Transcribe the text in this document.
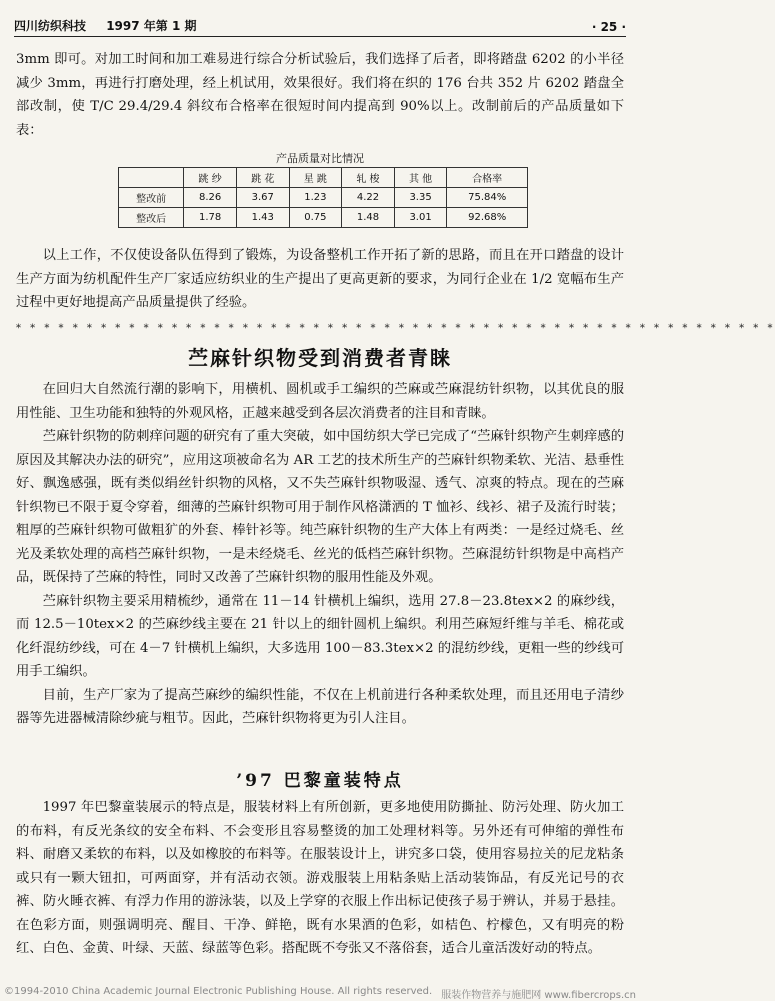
四川纺织科技 1997 年第 1 期	· 25 ·

3mm 即可。对加工时间和加工难易进行综合分析试验后，我们选择了后者，即将踏盘 6202 的小半径减少 3mm，再进行打磨处理，经上机试用，效果很好。我们将在织的 176 台共 352 片 6202 踏盘全部改制，使 T/C 29.4/29.4 斜纹布合格率在很短时间内提高到 90%以上。改制前后的产品质量如下表：

产品质量对比情况
	跳 纱	跳 花	星 跳	轧 梭	其 他	合格率
整改前	8.26	3.67	1.23	4.22	3.35	75.84%
整改后	1.78	1.43	0.75	1.48	3.01	92.68%

以上工作，不仅使设备队伍得到了锻炼，为设备整机工作开拓了新的思路，而且在开口踏盘的设计生产方面为纺机配件生产厂家适应纺织业的生产提出了更高更新的要求，为同行企业在 1/2 宽幅布生产过程中更好地提高产品质量提供了经验。

* * * * * * * * * * * * * * * * * * * * * * * * * * * * * * * * * * * * * * * * * * * * * * * * * * * * * *
苎麻针织物受到消费者青睐

在回归大自然流行潮的影响下，用横机、圆机或手工编织的苎麻或苎麻混纺针织物，以其优良的服用性能、卫生功能和独特的外观风格，正越来越受到各层次消费者的注目和青睐。

苎麻针织物的防刺痒问题的研究有了重大突破，如中国纺织大学已完成了“苎麻针织物产生刺痒感的原因及其解决办法的研究”，应用这项被命名为 AR 工艺的技术所生产的苎麻针织物柔软、光洁、悬垂性好、飘逸感强，既有类似绢丝针织物的风格，又不失苎麻针织物吸湿、透气、凉爽的特点。现在的苎麻针织物已不限于夏令穿着，细薄的苎麻针织物可用于制作风格潇洒的 T 恤衫、线衫、裙子及流行时装；粗厚的苎麻针织物可做粗犷的外套、棒针衫等。纯苎麻针织物的生产大体上有两类：一是经过烧毛、丝光及柔软处理的高档苎麻针织物，一是未经烧毛、丝光的低档苎麻针织物。苎麻混纺针织物是中高档产品，既保持了苎麻的特性，同时又改善了苎麻针织物的服用性能及外观。

苎麻针织物主要采用精梳纱，通常在 11－14 针横机上编织，选用 27.8－23.8tex×2 的麻纱线，而 12.5－10tex×2 的苎麻纱线主要在 21 针以上的细针圆机上编织。利用苎麻短纤维与羊毛、棉花或化纤混纺纱线，可在 4－7 针横机上编织，大多选用 100－83.3tex×2 的混纺纱线，更粗一些的纱线可用手工编织。

目前，生产厂家为了提高苎麻纱的编织性能，不仅在上机前进行各种柔软处理，而且还用电子清纱器等先进器械清除纱疵与粗节。因此，苎麻针织物将更为引人注目。

’97 巴黎童装特点

1997 年巴黎童装展示的特点是，服装材料上有所创新，更多地使用防撕扯、防污处理、防火加工的布料，有反光条纹的安全布料、不会变形且容易整烫的加工处理材料等。另外还有可伸缩的弹性布料、耐磨又柔软的布料，以及如橡胶的布料等。在服装设计上，讲究多口袋，使用容易拉关的尼龙粘条或只有一颗大钮扣，可两面穿，并有活动衣领。游戏服装上用粘条贴上活动装饰品，有反光记号的衣裤、防火睡衣裤、有浮力作用的游泳装，以及上学穿的衣服上作出标记使孩子易于辨认，并易于悬挂。在色彩方面，则强调明亮、醒目、干净、鲜艳，既有水果酒的色彩，如桔色、柠檬色，又有明亮的粉红、白色、金黄、叶绿、天蓝、绿蓝等色彩。搭配既不夸张又不落俗套，适合儿童活泼好动的特点。

©1994-2010 China Academic Journal Electronic Publishing House. All rights reserved. 服装作物营养与施肥网 www.fibercrops.cn
